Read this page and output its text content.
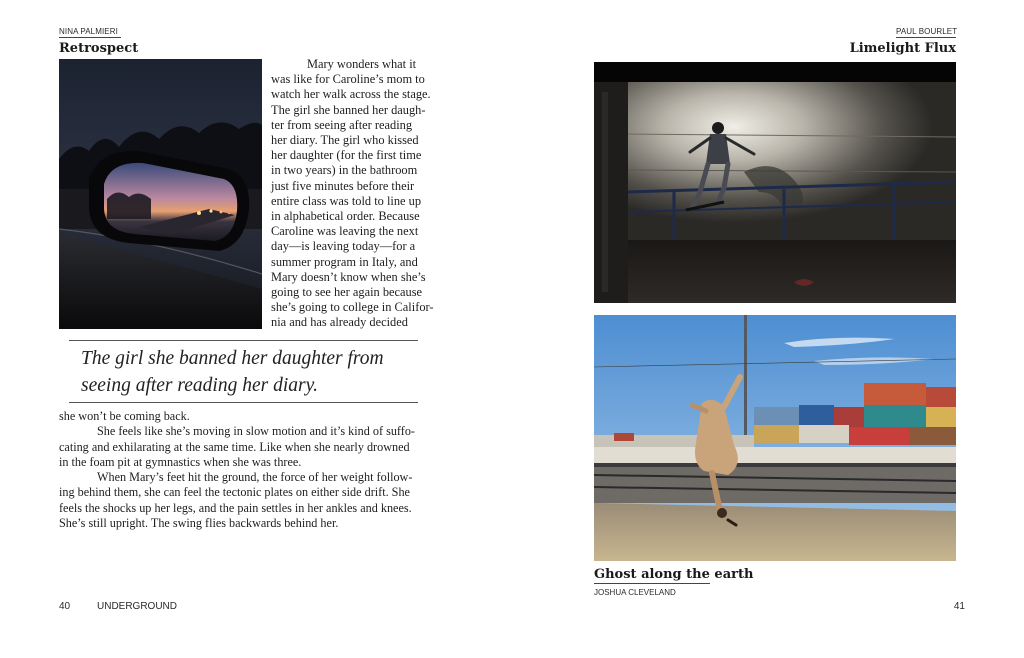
NINA PALMIERI
Retrospect
Mary wonders what it
was like for Caroline’s mom to
watch her walk across the stage.
The girl she banned her daugh-
ter from seeing after reading
her diary. The girl who kissed
her daughter (for the first time
in two years) in the bathroom
just five minutes before their
entire class was told to line up
in alphabetical order. Because
Caroline was leaving the next
day—is leaving today—for a
summer program in Italy, and
Mary doesn’t know when she’s
going to see her again because
she’s going to college in Califor-
nia and has already decided
The girl she banned her daughter from
seeing after reading her diary.
she won’t be coming back.
She feels like she’s moving in slow motion and it’s kind of suffo-
cating and exhilarating at the same time. Like when she nearly drowned
in the foam pit at gymnastics when she was three.
When Mary’s feet hit the ground, the force of her weight follow-
ing behind them, she can feel the tectonic plates on either side drift. She
feels the shocks up her legs, and the pain settles in her ankles and knees.
She’s still upright. The swing flies backwards behind her.
40	UNDERGROUND
PAUL BOURLET
Limelight Flux
Ghost along the earth
JOSHUA CLEVELAND
41
